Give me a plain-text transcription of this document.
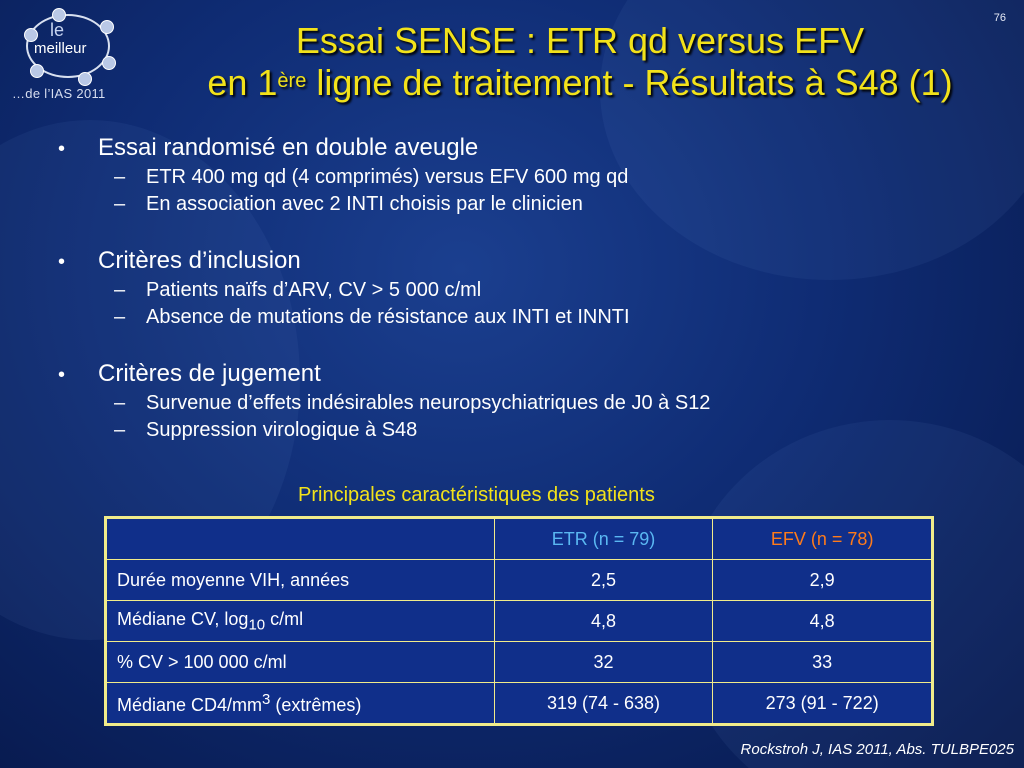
le
meilleur
…de l’IAS 2011
76
Essai SENSE : ETR qd versus EFV
en 1ère ligne de traitement - Résultats à S48 (1)
•	Essai randomisé en double aveugle
–	ETR 400 mg qd (4 comprimés) versus EFV 600 mg qd
–	En association avec 2 INTI choisis par le clinicien
•	Critères d’inclusion
–	Patients naïfs d’ARV, CV > 5 000 c/ml
–	Absence de mutations de résistance aux INTI et INNTI
•	Critères de jugement
–	Survenue d’effets indésirables neuropsychiatriques de J0 à S12
–	Suppression virologique à S48
Principales caractéristiques des patients
	ETR (n = 79)	EFV (n = 78)
Durée moyenne VIH, années	2,5	2,9
Médiane CV, $\log_{10} c/ml$	4,8	4,8
% CV > 100 000 c/ml	32	33
Médiane $CD4/mm^3$ (extrêmes)	319 (74 - 638)	273 (91 - 722)
Rockstroh J, IAS 2011, Abs. TULBPE025
